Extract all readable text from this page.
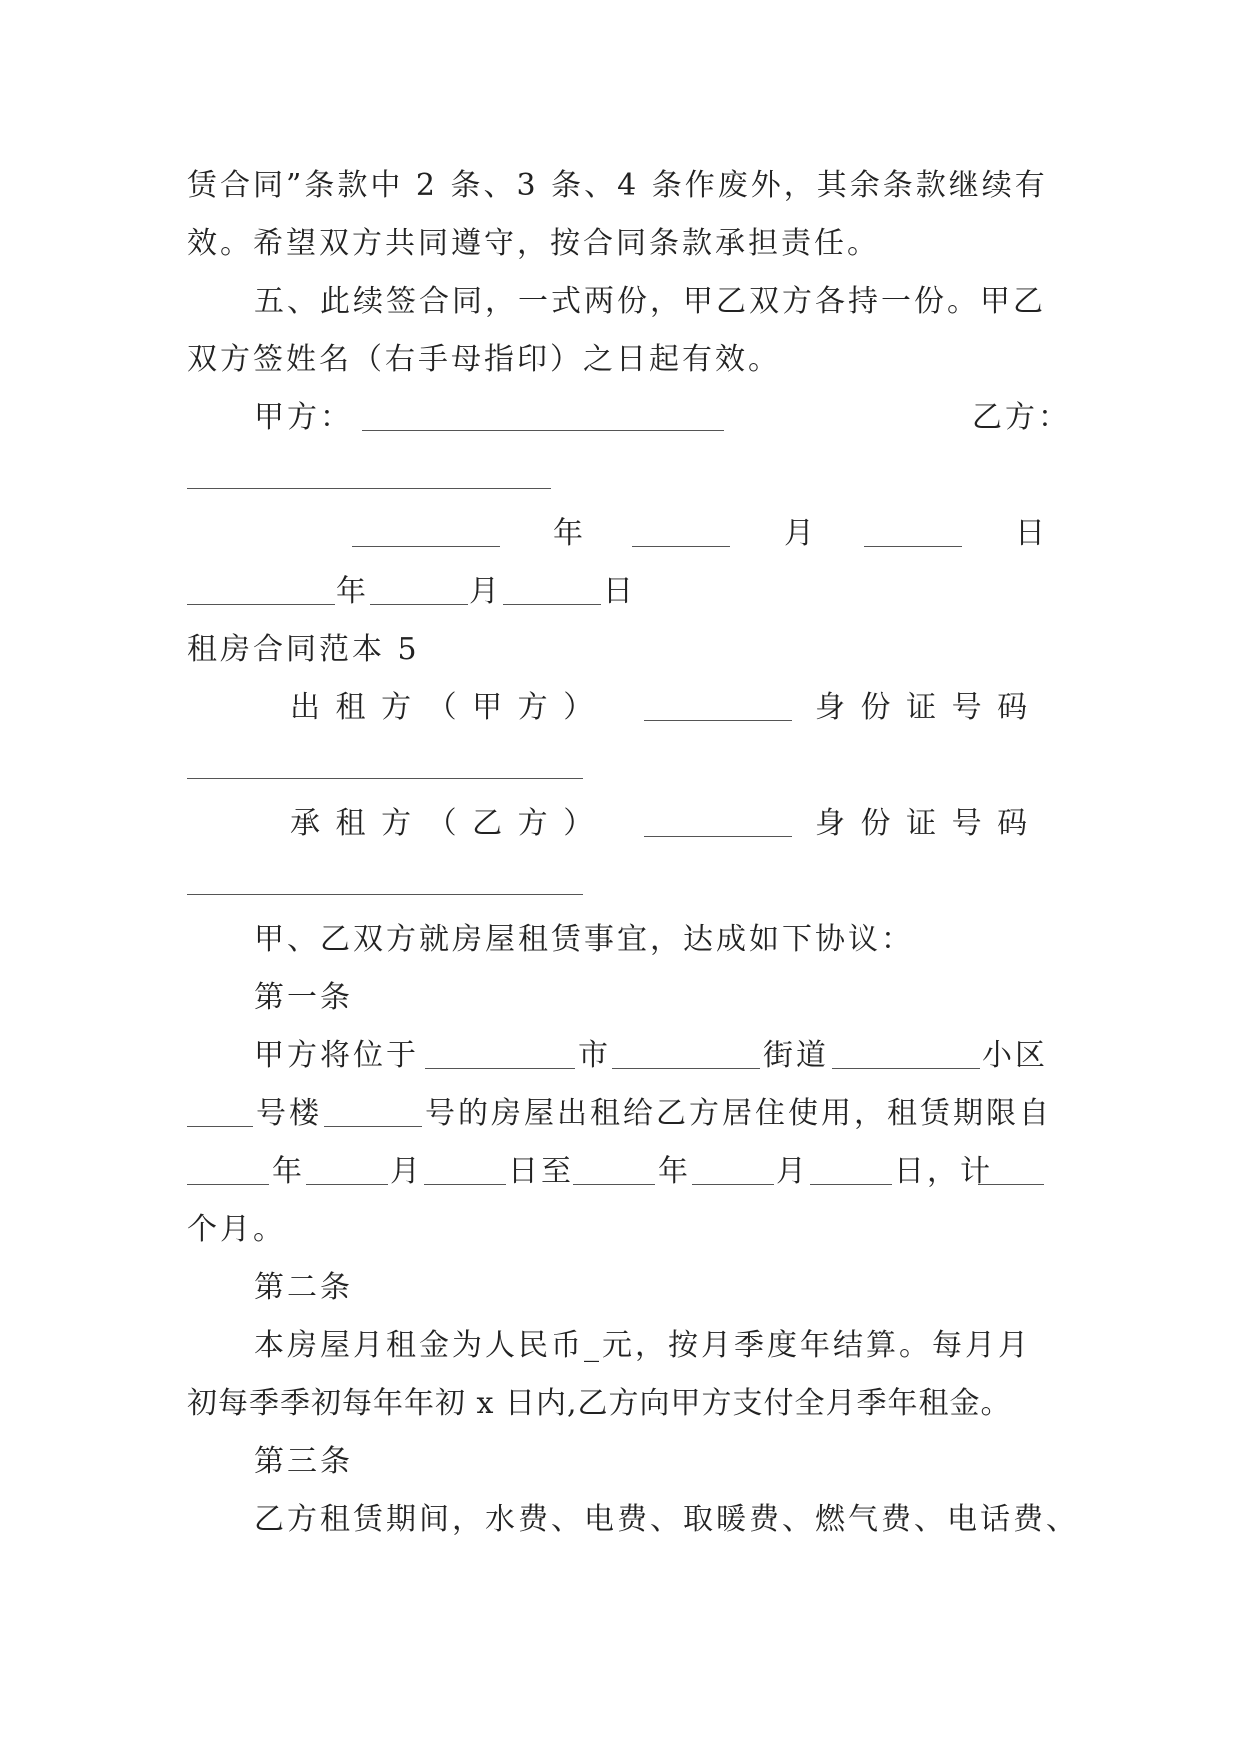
赁合同”条款中 2 条、3 条、4 条作废外，其余条款继续有
效。希望双方共同遵守，按合同条款承担责任。
五、此续签合同，一式两份，甲乙双方各持一份。甲乙
双方签姓名（右手母指印）之日起有效。
甲方：	乙方：
年	月	日
年	月	日
租房合同范本 5
出 租 方 （ 甲 方 ）	身 份 证 号 码
承 租 方 （ 乙 方 ）	身 份 证 号 码
甲、乙双方就房屋租赁事宜，达成如下协议：
第一条
甲方将位于	市	街道	小区
号楼	号的房屋出租给乙方居住使用，租赁期限自
年	月	日至	年	月	日，计
个月。
第二条
本房屋月租金为人民币_元，按月季度年结算。每月月
初每季季初每年年初 x 日内,乙方向甲方支付全月季年租金。
第三条
乙方租赁期间，水费、电费、取暖费、燃气费、电话费、
